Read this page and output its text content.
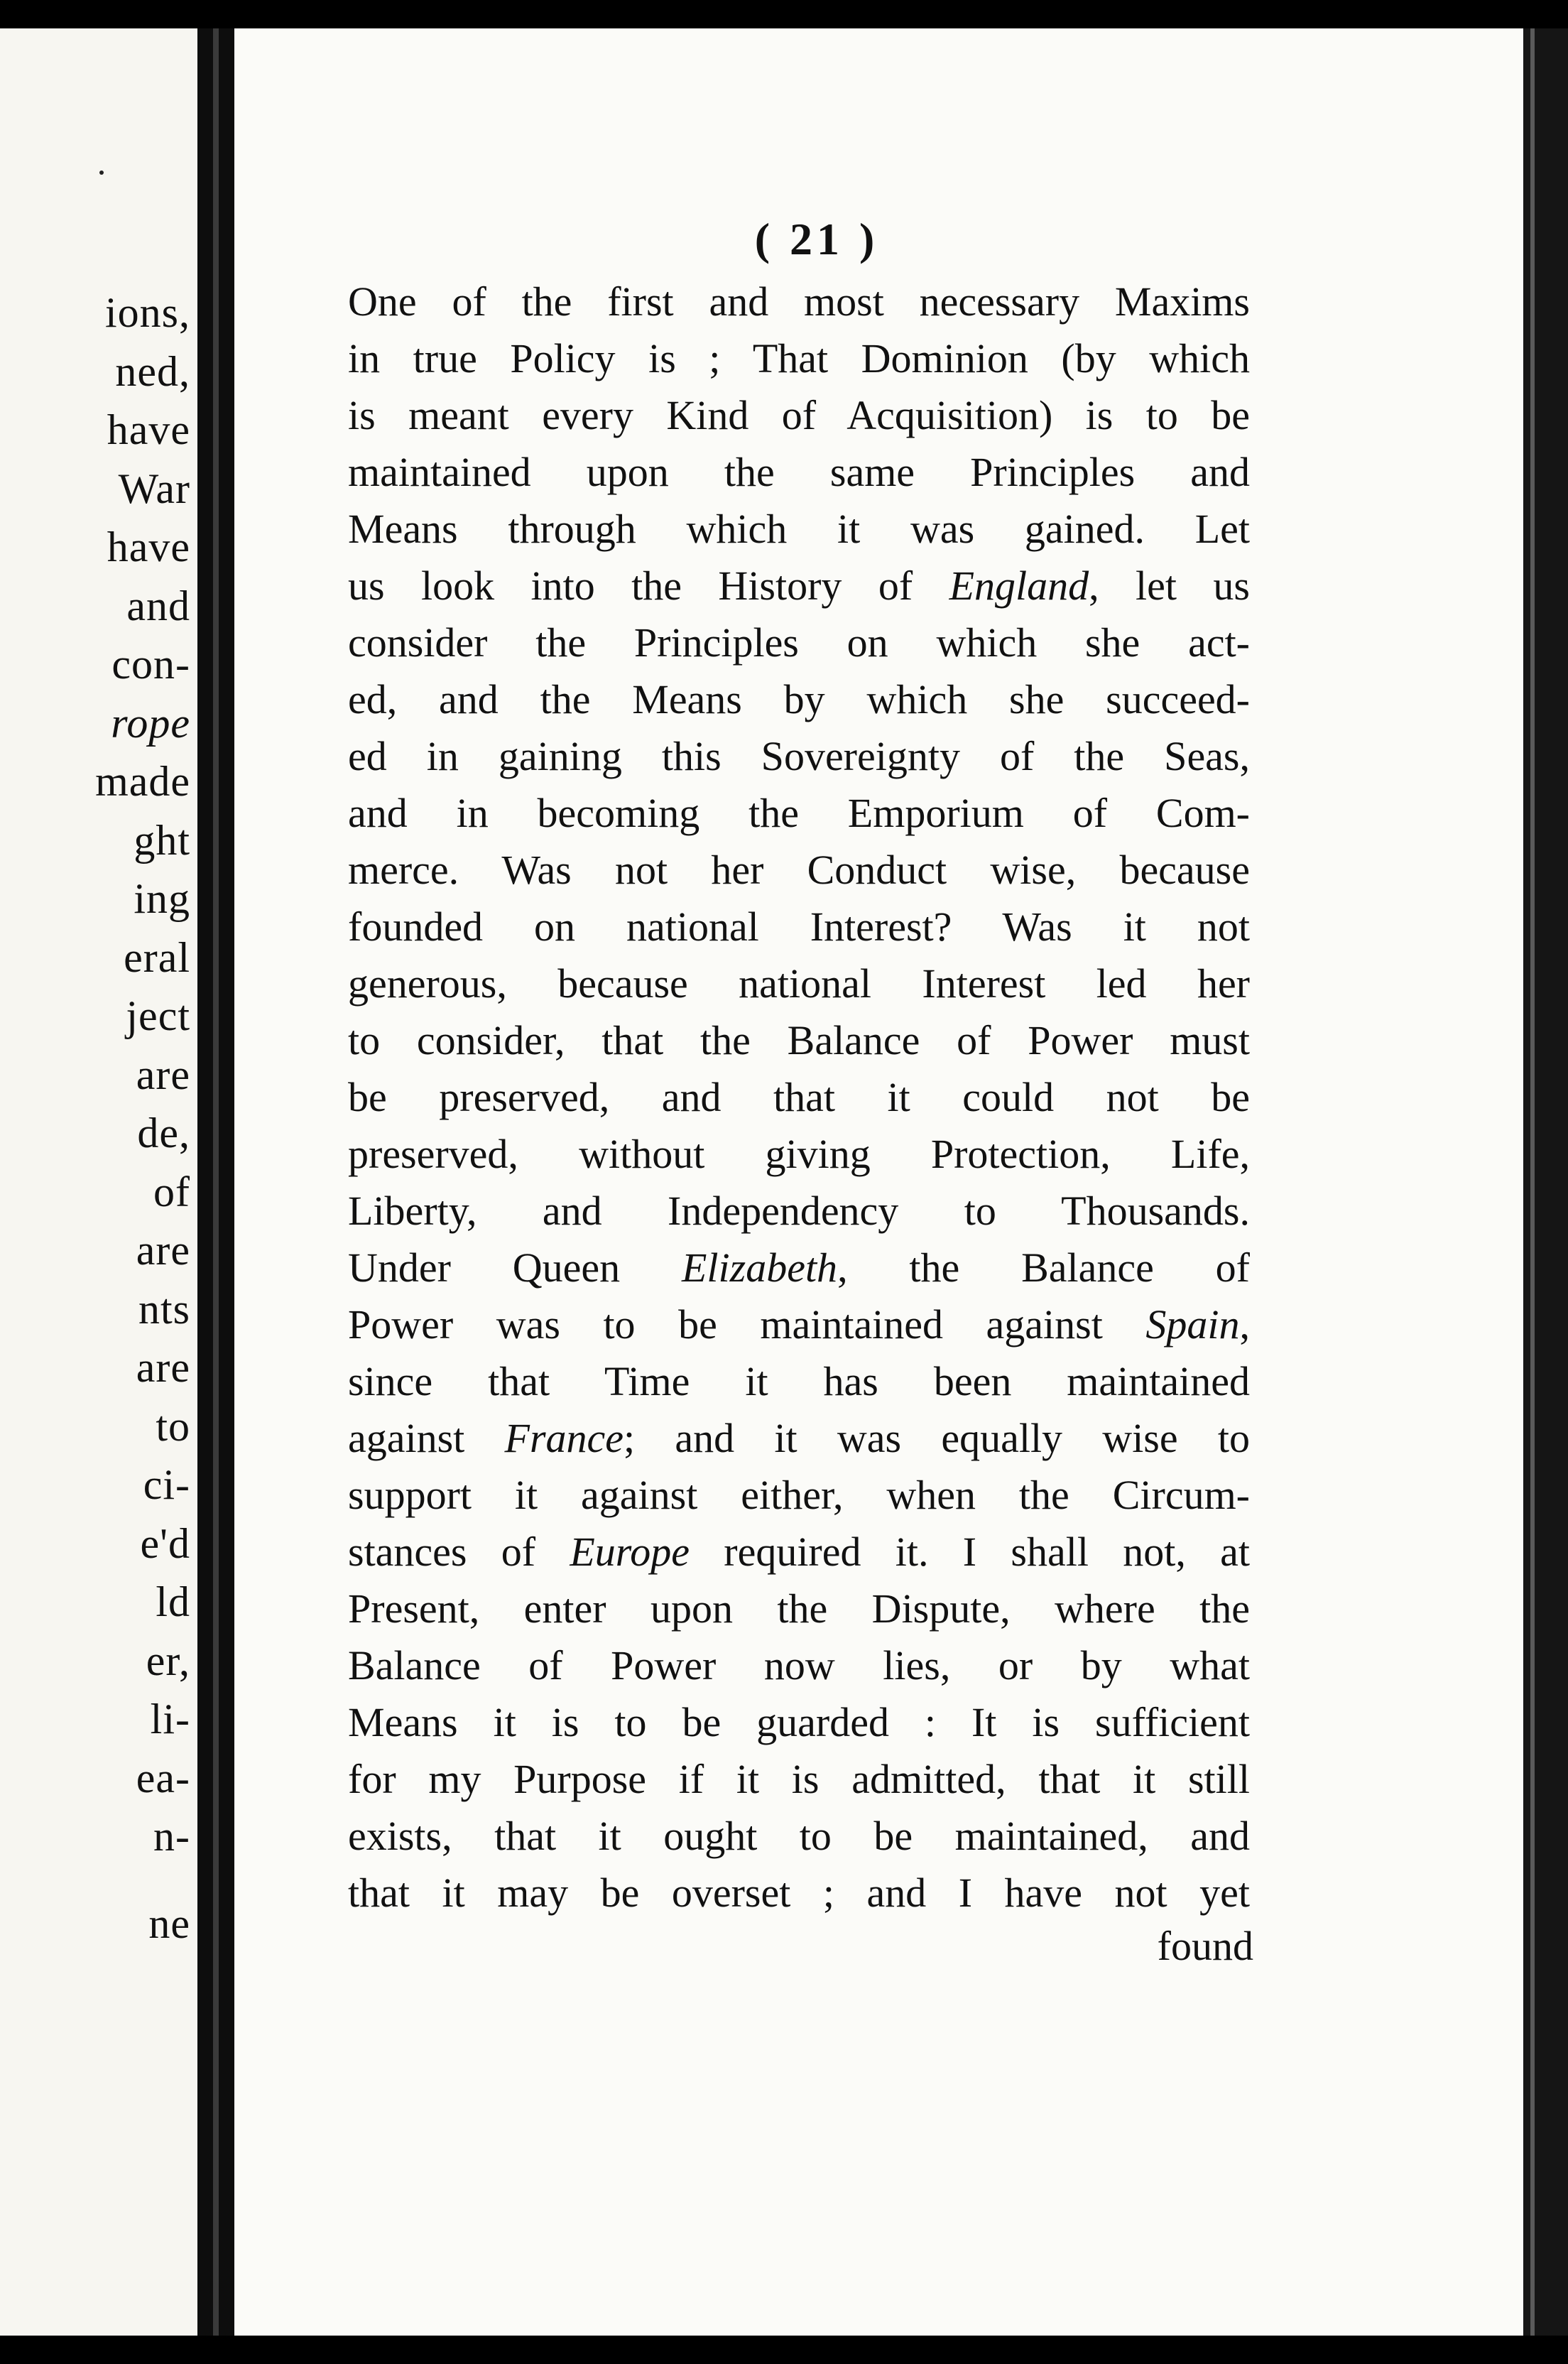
ions,
ned,
have
War
have
and
con-
rope
made
ght
ing
eral
ject
are
de,
of
are
nts
are
to
ci-
e'd
ld
er,
li-
ea-
n-
ne
( 21 )
One of the first and most necessary Maxims
in true Policy is ; That Dominion (by which
is meant every Kind of Acquisition) is to be
maintained upon the same Principles and
Means through which it was gained. Let
us look into the History of England, let us
consider the Principles on which she act-
ed, and the Means by which she succeed-
ed in gaining this Sovereignty of the Seas,
and in becoming the Emporium of Com-
merce. Was not her Conduct wise, because
founded on national Interest? Was it not
generous, because national Interest led her
to consider, that the Balance of Power must
be preserved, and that it could not be
preserved, without giving Protection, Life,
Liberty, and Independency to Thousands.
Under Queen Elizabeth, the Balance of
Power was to be maintained against Spain,
since that Time it has been maintained
against France; and it was equally wise to
support it against either, when the Circum-
stances of Europe required it. I shall not, at
Present, enter upon the Dispute, where the
Balance of Power now lies, or by what
Means it is to be guarded : It is sufficient
for my Purpose if it is admitted, that it still
exists, that it ought to be maintained, and
that it may be overset ; and I have not yet
found
